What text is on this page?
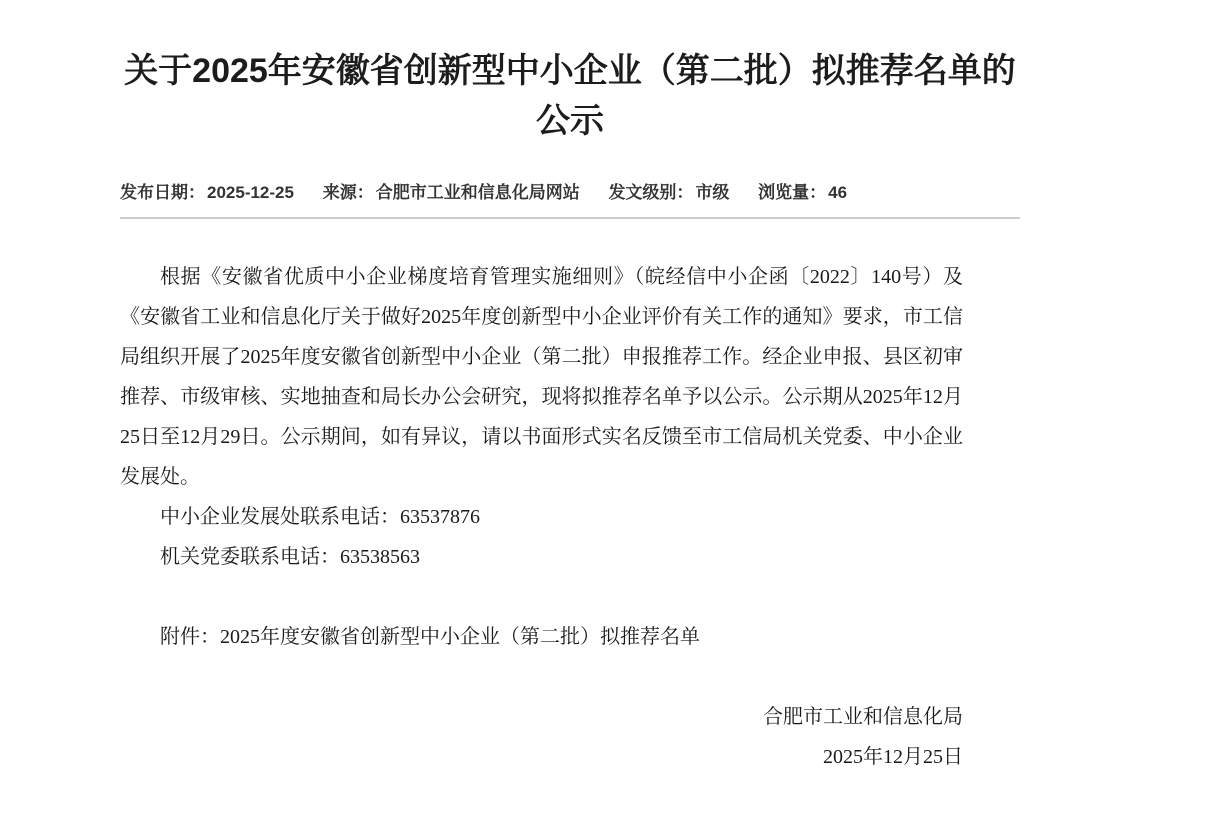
关于2025年安徽省创新型中小企业（第二批）拟推荐名单的
公示
发布日期： 2025-12-25 来源： 合肥市工业和信息化局网站 发文级别： 市级 浏览量： 46

根据《安徽省优质中小企业梯度培育管理实施细则》（皖经信中小企函〔2022〕140号）及《安徽省工业和信息化厅关于做好2025年度创新型中小企业评价有关工作的通知》要求，市工信局组织开展了2025年度安徽省创新型中小企业（第二批）申报推荐工作。经企业申报、县区初审推荐、市级审核、实地抽查和局长办公会研究，现将拟推荐名单予以公示。公示期从2025年12月25日至12月29日。公示期间，如有异议，请以书面形式实名反馈至市工信局机关党委、中小企业发展处。

中小企业发展处联系电话：63537876

机关党委联系电话：63538563

附件：2025年度安徽省创新型中小企业（第二批）拟推荐名单

合肥市工业和信息化局

2025年12月25日
